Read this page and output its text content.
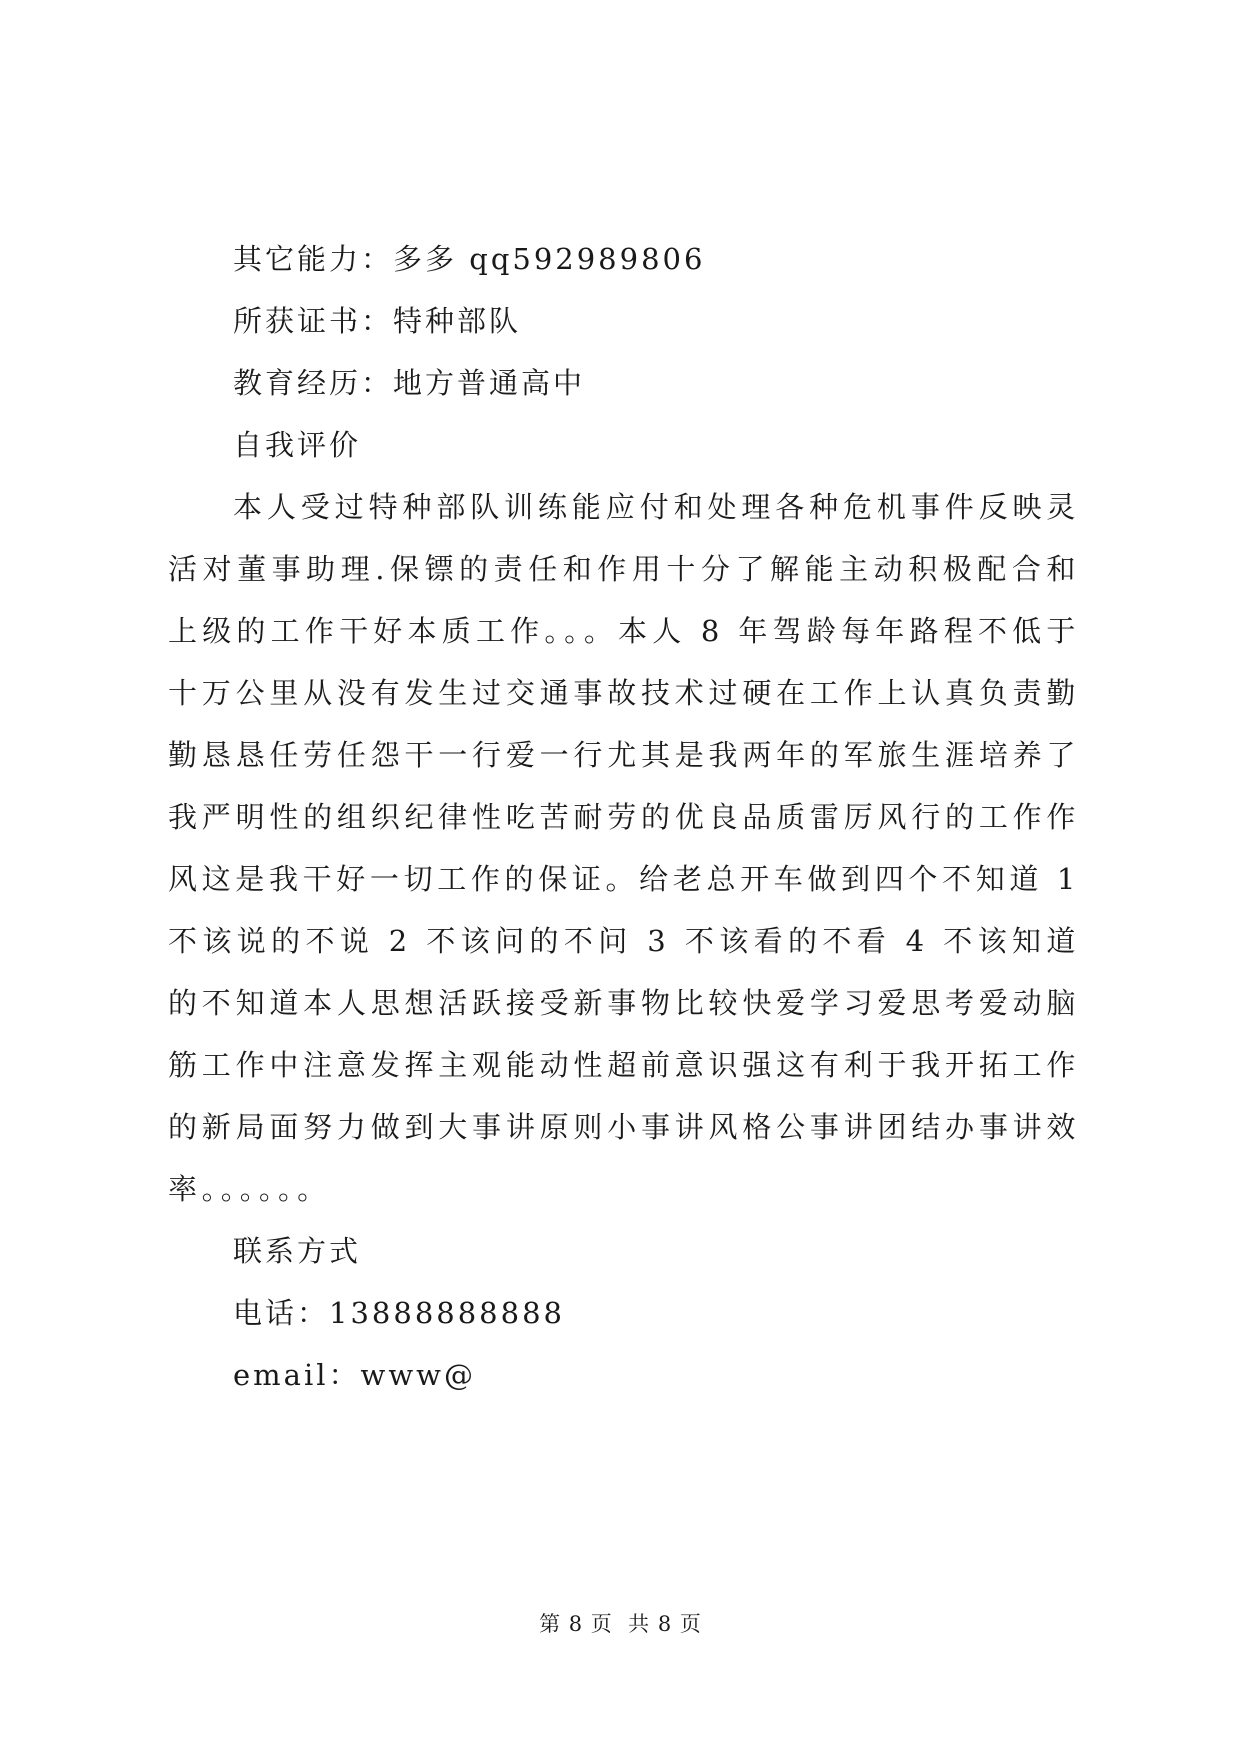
其它能力：多多 qq592989806

所获证书：特种部队

教育经历：地方普通高中

自我评价

本人受过特种部队训练能应付和处理各种危机事件反映灵活对董事助理.保镖的责任和作用十分了解能主动积极配合和上级的工作干好本质工作。。。本人 8 年驾龄每年路程不低于十万公里从没有发生过交通事故技术过硬在工作上认真负责勤勤恳恳任劳任怨干一行爱一行尤其是我两年的军旅生涯培养了我严明性的组织纪律性吃苦耐劳的优良品质雷厉风行的工作作风这是我干好一切工作的保证。给老总开车做到四个不知道 1 不该说的不说 2 不该问的不问 3 不该看的不看 4 不该知道的不知道本人思想活跃接受新事物比较快爱学习爱思考爱动脑筋工作中注意发挥主观能动性超前意识强这有利于我开拓工作的新局面努力做到大事讲原则小事讲风格公事讲团结办事讲效率。。。。。。

联系方式

电话：13888888888

email：www@

第 8 页 共 8 页
